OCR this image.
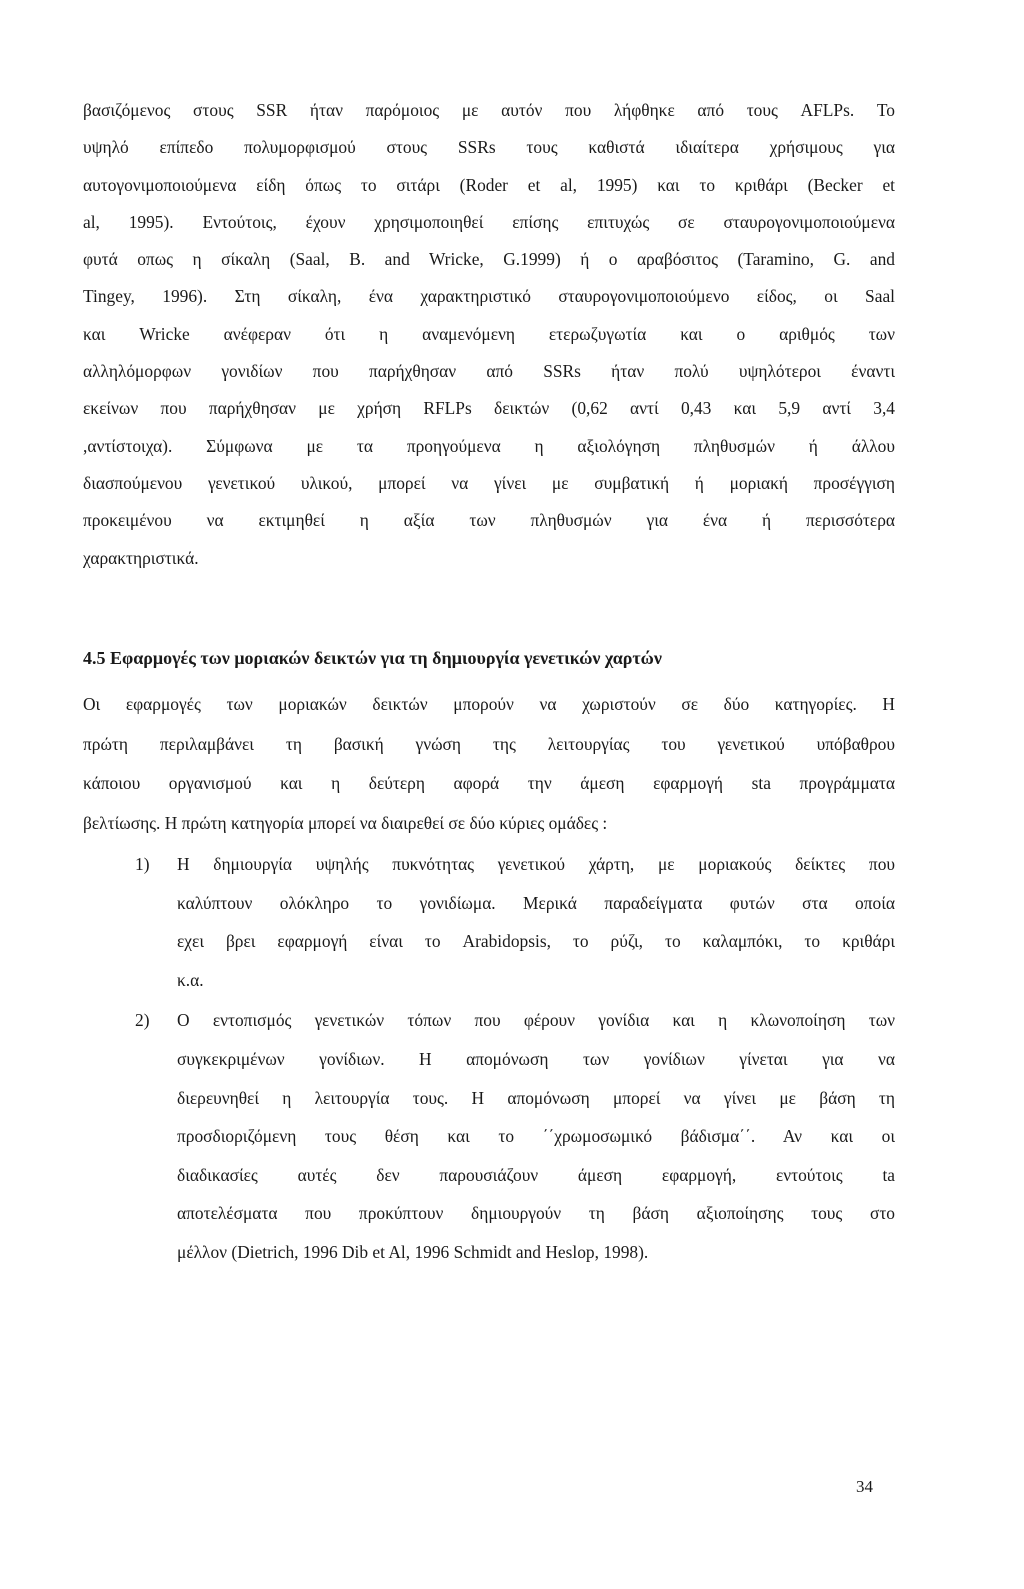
βασιζόμενος στους SSR ήταν παρόμοιος με αυτόν που λήφθηκε από τους AFLPs. Το
υψηλό επίπεδο πολυμορφισμού στους SSRs τους καθιστά ιδιαίτερα χρήσιμους για
αυτογονιμοποιούμενα είδη όπως το σιτάρι (Roder et al, 1995) και το κριθάρι (Becker et
al, 1995). Εντούτοις, έχουν χρησιμοποιηθεί επίσης επιτυχώς σε σταυρογονιμοποιούμενα
φυτά οπως η σίκαλη (Saal, B. and Wricke, G.1999) ή ο αραβόσιτος (Taramino, G. and
Tingey, 1996). Στη σίκαλη, ένα χαρακτηριστικό σταυρογονιμοποιούμενο είδος, οι Saal
και Wricke ανέφεραν ότι η αναμενόμενη ετερωζυγωτία και ο αριθμός των
αλληλόμορφων γονιδίων που παρήχθησαν από SSRs ήταν πολύ υψηλότεροι έναντι
εκείνων που παρήχθησαν με χρήση RFLPs δεικτών (0,62 αντί 0,43 και 5,9 αντί 3,4
,αντίστοιχα). Σύμφωνα με τα προηγούμενα η αξιολόγηση πληθυσμών ή άλλου
διασπούμενου γενετικού υλικού, μπορεί να γίνει με συμβατική ή μοριακή προσέγγιση
προκειμένου να εκτιμηθεί η αξία των πληθυσμών για ένα ή περισσότερα
χαρακτηριστικά.
4.5 Εφαρμογές των μοριακών δεικτών για τη δημιουργία γενετικών χαρτών
Οι εφαρμογές των μοριακών δεικτών μπορούν να χωριστούν σε δύο κατηγορίες. Η
πρώτη περιλαμβάνει τη βασική γνώση της λειτουργίας του γενετικού υπόβαθρου
κάποιου οργανισμού και η δεύτερη αφορά την άμεση εφαρμογή sta προγράμματα
βελτίωσης. Η πρώτη κατηγορία μπορεί να διαιρεθεί σε δύο κύριες ομάδες :
1) Η δημιουργία υψηλής πυκνότητας γενετικού χάρτη, με μοριακούς δείκτες που
καλύπτουν ολόκληρο το γονιδίωμα. Μερικά παραδείγματα φυτών στα οποία
εχει βρει εφαρμογή είναι το Arabidopsis, το ρύζι, το καλαμπόκι, το κριθάρι
κ.α.
2) Ο εντοπισμός γενετικών τόπων που φέρουν γονίδια και η κλωνοποίηση των
συγκεκριμένων γονίδιων. Η απομόνωση των γονίδιων γίνεται για να
διερευνηθεί η λειτουργία τους. Η απομόνωση μπορεί να γίνει με βάση τη
προσδιοριζόμενη τους θέση και το ΄΄χρωμοσωμικό βάδισμα΄΄. Αν και οι
διαδικασίες αυτές δεν παρουσιάζουν άμεση εφαρμογή, εντούτοις ta
αποτελέσματα που προκύπτουν δημιουργούν τη βάση αξιοποίησης τους στο
μέλλον (Dietrich, 1996 Dib et Al, 1996 Schmidt and Heslop, 1998).
34
